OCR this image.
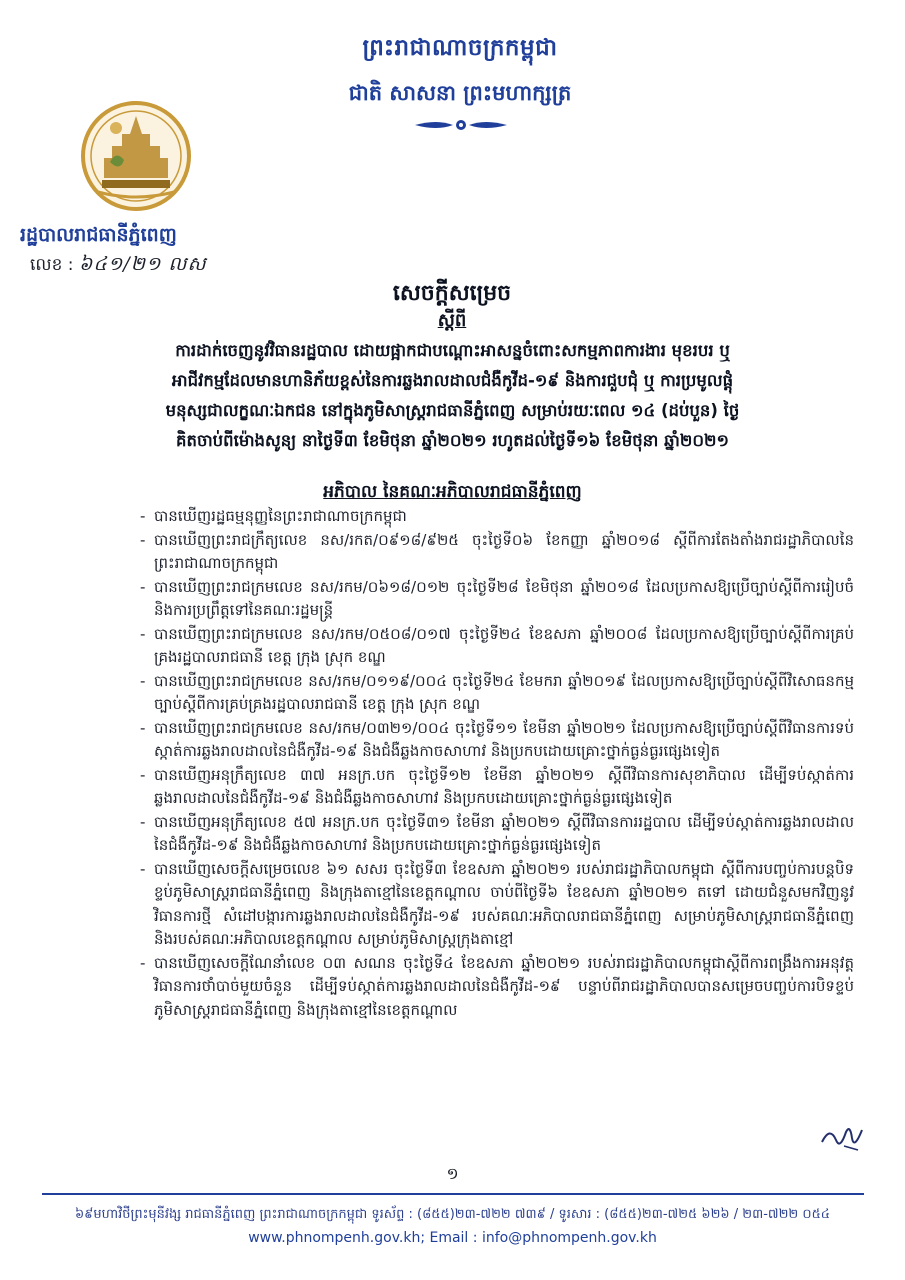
ព្រះរាជាណាចក្រកម្ពុជា
ជាតិ សាសនា ព្រះមហាក្សត្រ
រដ្ឋបាលរាជធានីភ្នំពេញ
លេខ : ៦៤១/២១ លស
សេចក្តីសម្រេច
ស្តីពី
ការដាក់ចេញនូវវិធានរដ្ឋបាល ដោយផ្អាកជាបណ្តោះអាសន្នចំពោះសកម្មភាពការងារ មុខរបរ ឬ
អាជីវកម្មដែលមានហានិភ័យខ្ពស់នៃការឆ្លងរាលដាលជំងឺកូវីដ-១៩ និងការជួបជុំ ឬ ការប្រមូលផ្តុំ
មនុស្សជាលក្ខណៈឯកជន នៅក្នុងភូមិសាស្ត្ររាជធានីភ្នំពេញ សម្រាប់រយៈពេល ១៤ (ដប់បួន) ថ្ងៃ
គិតចាប់ពីម៉ោងសូន្យ នាថ្ងៃទី៣ ខែមិថុនា ឆ្នាំ២០២១ រហូតដល់ថ្ងៃទី១៦ ខែមិថុនា ឆ្នាំ២០២១
អភិបាល នៃគណៈអភិបាលរាជធានីភ្នំពេញ
- បានឃើញរដ្ឋធម្មនុញ្ញនៃព្រះរាជាណាចក្រកម្ពុជា
- បានឃើញព្រះរាជក្រឹត្យលេខ នស/រកត/០៩១៨/៩២៥ ចុះថ្ងៃទី០៦ ខែកញ្ញា ឆ្នាំ២០១៨ ស្តីពីការតែងតាំងរាជរដ្ឋាភិបាលនៃព្រះរាជាណាចក្រកម្ពុជា
- បានឃើញព្រះរាជក្រមលេខ នស/រកម/០៦១៨/០១២ ចុះថ្ងៃទី២៨ ខែមិថុនា ឆ្នាំ២០១៨ ដែលប្រកាសឱ្យប្រើច្បាប់ស្តីពីការរៀបចំ និងការប្រព្រឹត្តទៅនៃគណៈរដ្ឋមន្ត្រី
- បានឃើញព្រះរាជក្រមលេខ នស/រកម/០៥០៨/០១៧ ចុះថ្ងៃទី២៤ ខែឧសភា ឆ្នាំ២០០៨ ដែលប្រកាសឱ្យប្រើច្បាប់ស្តីពីការគ្រប់គ្រងរដ្ឋបាលរាជធានី ខេត្ត ក្រុង ស្រុក ខណ្ឌ
- បានឃើញព្រះរាជក្រមលេខ នស/រកម/០១១៩/០០៤ ចុះថ្ងៃទី២៤ ខែមករា ឆ្នាំ២០១៩ ដែលប្រកាសឱ្យប្រើច្បាប់ស្តីពីវិសោធនកម្មច្បាប់ស្តីពីការគ្រប់គ្រងរដ្ឋបាលរាជធានី ខេត្ត ក្រុង ស្រុក ខណ្ឌ
- បានឃើញព្រះរាជក្រមលេខ នស/រកម/០៣២១/០០៤ ចុះថ្ងៃទី១១ ខែមីនា ឆ្នាំ២០២១ ដែលប្រកាសឱ្យប្រើច្បាប់ស្តីពីវិធានការទប់ស្កាត់ការឆ្លងរាលដាលនៃជំងឺកូវីដ-១៩ និងជំងឺឆ្លងកាចសាហាវ និងប្រកបដោយគ្រោះថ្នាក់ធ្ងន់ធ្ងរផ្សេងទៀត
- បានឃើញអនុក្រឹត្យលេខ ៣៧ អនក្រ.បក ចុះថ្ងៃទី១២ ខែមីនា ឆ្នាំ២០២១ ស្តីពីវិធានការសុខាភិបាល ដើម្បីទប់ស្កាត់ការឆ្លងរាលដាលនៃជំងឺកូវីដ-១៩ និងជំងឺឆ្លងកាចសាហាវ និងប្រកបដោយគ្រោះថ្នាក់ធ្ងន់ធ្ងរផ្សេងទៀត
- បានឃើញអនុក្រឹត្យលេខ ៥៧ អនក្រ.បក ចុះថ្ងៃទី៣១ ខែមីនា ឆ្នាំ២០២១ ស្តីពីវិធានការរដ្ឋបាល ដើម្បីទប់ស្កាត់ការឆ្លងរាលដាលនៃជំងឺកូវីដ-១៩ និងជំងឺឆ្លងកាចសាហាវ និងប្រកបដោយគ្រោះថ្នាក់ធ្ងន់ធ្ងរផ្សេងទៀត
- បានឃើញសេចក្តីសម្រេចលេខ ៦១ សសរ ចុះថ្ងៃទី៣ ខែឧសភា ឆ្នាំ២០២១ របស់រាជរដ្ឋាភិបាលកម្ពុជា ស្តីពីការបញ្ចប់ការបន្តបិទខ្ទប់ភូមិសាស្ត្ររាជធានីភ្នំពេញ និងក្រុងតាខ្មៅនៃខេត្តកណ្តាល ចាប់ពីថ្ងៃទី៦ ខែឧសភា ឆ្នាំ២០២១ តទៅ ដោយជំនួសមកវិញនូវវិធានការថ្មី សំដៅបង្ការការឆ្លងរាលដាលនៃជំងឺកូវីដ-១៩ របស់គណៈអភិបាលរាជធានីភ្នំពេញ សម្រាប់ភូមិសាស្ត្ររាជធានីភ្នំពេញ និងរបស់គណៈអភិបាលខេត្តកណ្តាល សម្រាប់ភូមិសាស្ត្រក្រុងតាខ្មៅ
- បានឃើញសេចក្តីណែនាំលេខ ០៣ សណន ចុះថ្ងៃទី៤ ខែឧសភា ឆ្នាំ២០២១ របស់រាជរដ្ឋាភិបាលកម្ពុជាស្តីពីការពង្រឹងការអនុវត្តវិធានការថាំបាច់មួយចំនួន ដើម្បីទប់ស្កាត់ការឆ្លងរាលដាលនៃជំងឺកូវីដ-១៩ បន្ទាប់ពីរាជរដ្ឋាភិបាលបានសម្រេចបញ្ចប់ការបិទខ្ទប់ភូមិសាស្ត្ររាជធានីភ្នំពេញ និងក្រុងតាខ្មៅនៃខេត្តកណ្តាល
១
៦៩មហាវិថីព្រះមុនីវង្ស រាជធានីភ្នំពេញ ព្រះរាជាណាចក្រកម្ពុជា ទូរស័ព្ទ : (៨៥៥)២៣-៧២២ ៧៣៩ / ទូរសារ : (៨៥៥)២៣-៧២៥ ៦២៦ / ២៣-៧២២ ០៥៤
www.phnompenh.gov.kh; Email : info@phnompenh.gov.kh
